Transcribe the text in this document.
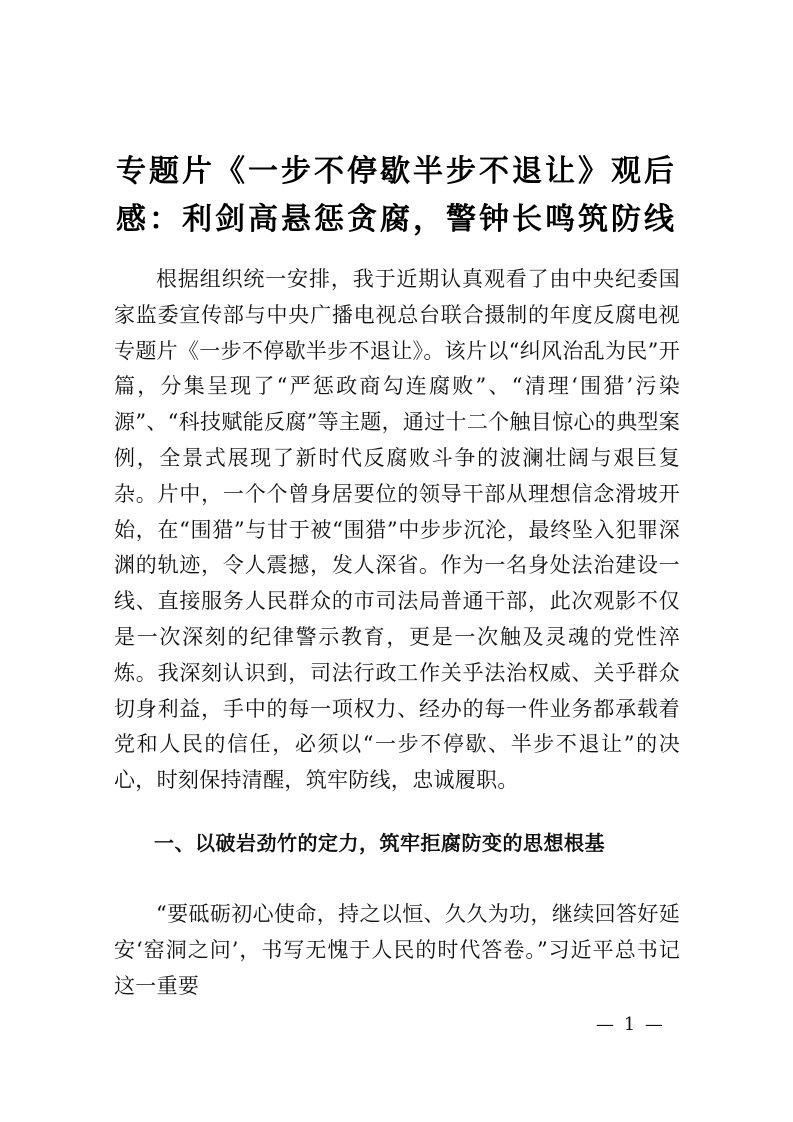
专题片《一步不停歇半步不退让》观后感：利剑高悬惩贪腐，警钟长鸣筑防线

根据组织统一安排，我于近期认真观看了由中央纪委国家监委宣传部与中央广播电视总台联合摄制的年度反腐电视专题片《一步不停歇半步不退让》。该片以“纠风治乱为民”开篇，分集呈现了“严惩政商勾连腐败”、“清理‘围猎’污染源”、“科技赋能反腐”等主题，通过十二个触目惊心的典型案例，全景式展现了新时代反腐败斗争的波澜壮阔与艰巨复杂。片中，一个个曾身居要位的领导干部从理想信念滑坡开始，在“围猎”与甘于被“围猎”中步步沉沦，最终坠入犯罪深渊的轨迹，令人震撼，发人深省。作为一名身处法治建设一线、直接服务人民群众的市司法局普通干部，此次观影不仅是一次深刻的纪律警示教育，更是一次触及灵魂的党性淬炼。我深刻认识到，司法行政工作关乎法治权威、关乎群众切身利益，手中的每一项权力、经办的每一件业务都承载着党和人民的信任，必须以“一步不停歇、半步不退让”的决心，时刻保持清醒，筑牢防线，忠诚履职。

一、以破岩劲竹的定力，筑牢拒腐防变的思想根基

“要砥砺初心使命，持之以恒、久久为功，继续回答好延安‘窑洞之问’，书写无愧于人民的时代答卷。”习近平总书记这一重要

— 1 —
